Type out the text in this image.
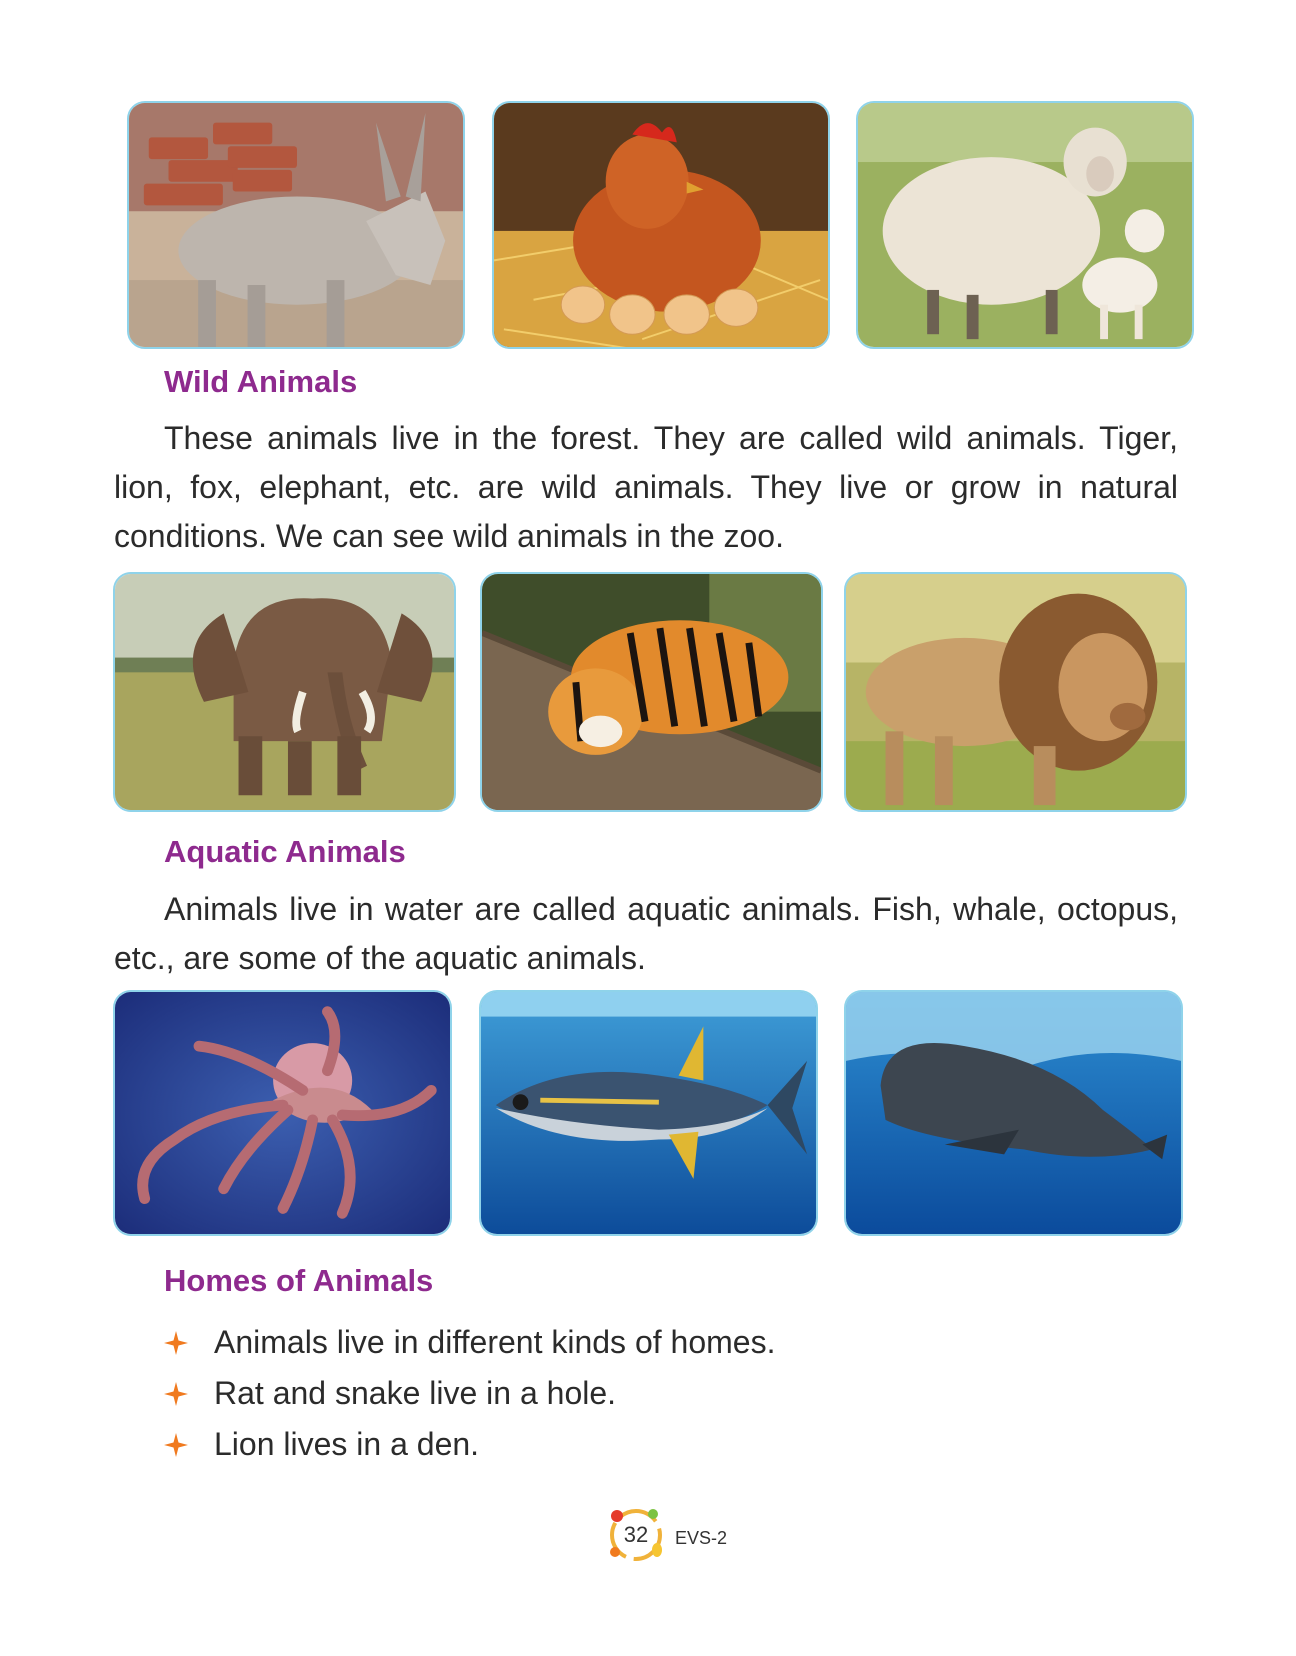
Wild Animals

These animals live in the forest. They are called wild animals. Tiger, lion, fox, elephant, etc. are wild animals. They live or grow in natural conditions. We can see wild animals in the zoo.

Aquatic Animals

Animals live in water are called aquatic animals. Fish, whale, octopus, etc., are some of the aquatic animals.

Homes of Animals
Animals live in different kinds of homes.
Rat and snake live in a hole.
Lion lives in a den.
32	EVS-2
